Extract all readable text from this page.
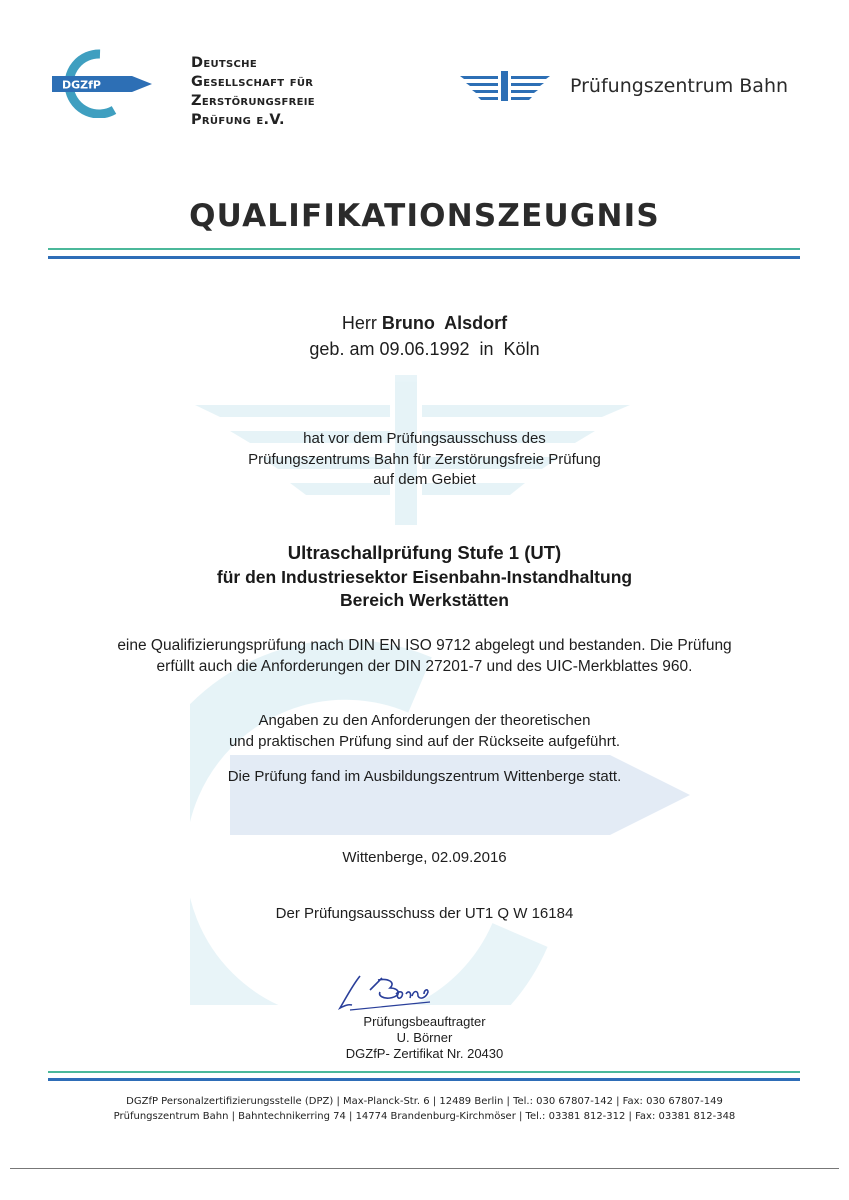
DGZfP
Deutsche
Gesellschaft für
Zerstörungsfreie
Prüfung e.V.
Prüfungszentrum Bahn
QUALIFIKATIONSZEUGNIS
Herr Bruno  Alsdorf
geb. am 09.06.1992  in  Köln
hat vor dem Prüfungsausschuss des
Prüfungszentrums Bahn für Zerstörungsfreie Prüfung
auf dem Gebiet
Ultraschallprüfung Stufe 1 (UT)
für den Industriesektor Eisenbahn-Instandhaltung
Bereich Werkstätten
eine Qualifizierungsprüfung nach DIN EN ISO 9712 abgelegt und bestanden. Die Prüfung
erfüllt auch die Anforderungen der DIN 27201-7 und des UIC-Merkblattes 960.
Angaben zu den Anforderungen der theoretischen
und praktischen Prüfung sind auf der Rückseite aufgeführt.
Die Prüfung fand im Ausbildungszentrum Wittenberge statt.
Wittenberge, 02.09.2016
Der Prüfungsausschuss der UT1 Q W 16184
Prüfungsbeauftragter
U. Börner
DGZfP- Zertifikat Nr. 20430
DGZfP Personalzertifizierungsstelle (DPZ) | Max-Planck-Str. 6 | 12489 Berlin | Tel.: 030 67807-142 | Fax: 030 67807-149
Prüfungszentrum Bahn | Bahntechnikerring 74 | 14774 Brandenburg-Kirchmöser | Tel.: 03381 812-312 | Fax: 03381 812-348
